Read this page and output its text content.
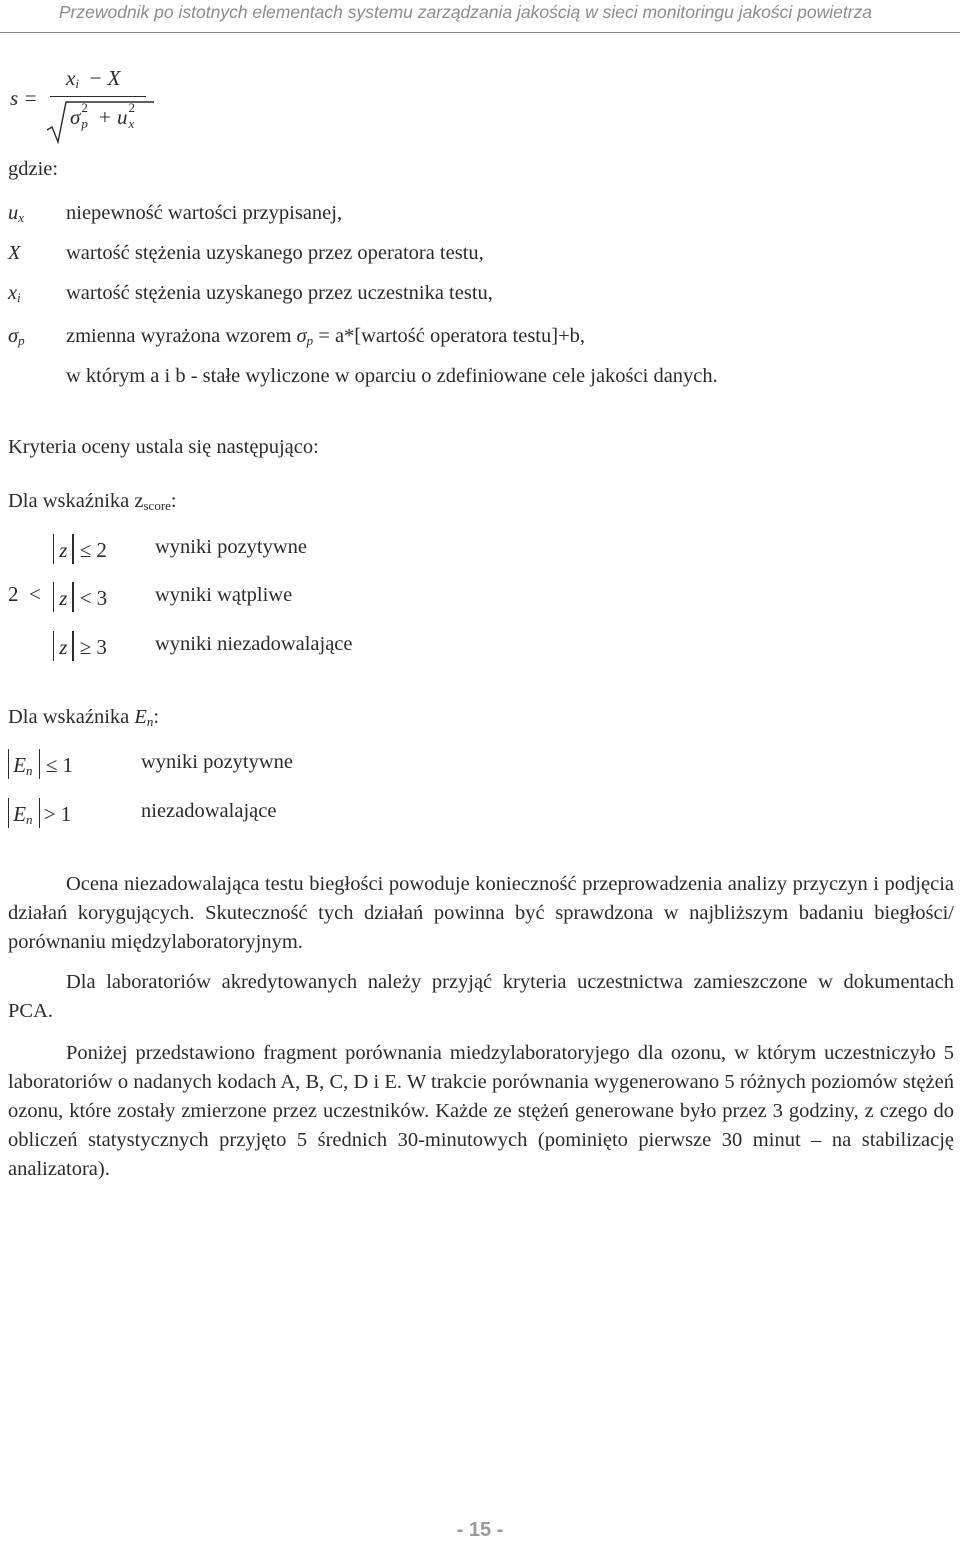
Przewodnik po istotnych elementach systemu zarządzania jakością w sieci monitoringu jakości powietrza
s =
xi − X
σ 2
p + u 2
x
gdzie:
$u_x$ niepewność wartości przypisanej,
X wartość stężenia uzyskanego przez operatora testu,
$x_i$ wartość stężenia uzyskanego przez uczestnika testu,
$\sigma_p$ zmienna wyrażona wzorem σp = a*[wartość operatora testu]+b,
w którym a i b - stałe wyliczone w oparciu o zdefiniowane cele jakości danych.
Kryteria oceny ustala się następująco:
Dla wskaźnika $z_{score}$:
z ≤ 2 wyniki pozytywne
2  < z < 3 wyniki wątpliwe
z ≥ 3 wyniki niezadowalające
Dla wskaźnika En:
En ≤ 1	wyniki pozytywne
En > 1	niezadowalające

Ocena niezadowalająca testu biegłości powoduje konieczność przeprowadzenia analizy przyczyn i podjęcia działań korygujących. Skuteczność tych działań powinna być sprawdzona w najbliższym badaniu biegłości/ porównaniu międzylaboratoryjnym.

Dla laboratoriów akredytowanych należy przyjąć kryteria uczestnictwa zamieszczone w dokumentach PCA.

Poniżej przedstawiono fragment porównania miedzylaboratoryjego dla ozonu, w którym uczestniczyło 5 laboratoriów o nadanych kodach A, B, C, D i E. W trakcie porównania wygenerowano 5 różnych poziomów stężeń ozonu, które zostały zmierzone przez uczestników. Każde ze stężeń generowane było przez 3 godziny, z czego do obliczeń statystycznych przyjęto 5 średnich 30-minutowych (pominięto pierwsze 30 minut – na stabilizację analizatora).

- 15 -
